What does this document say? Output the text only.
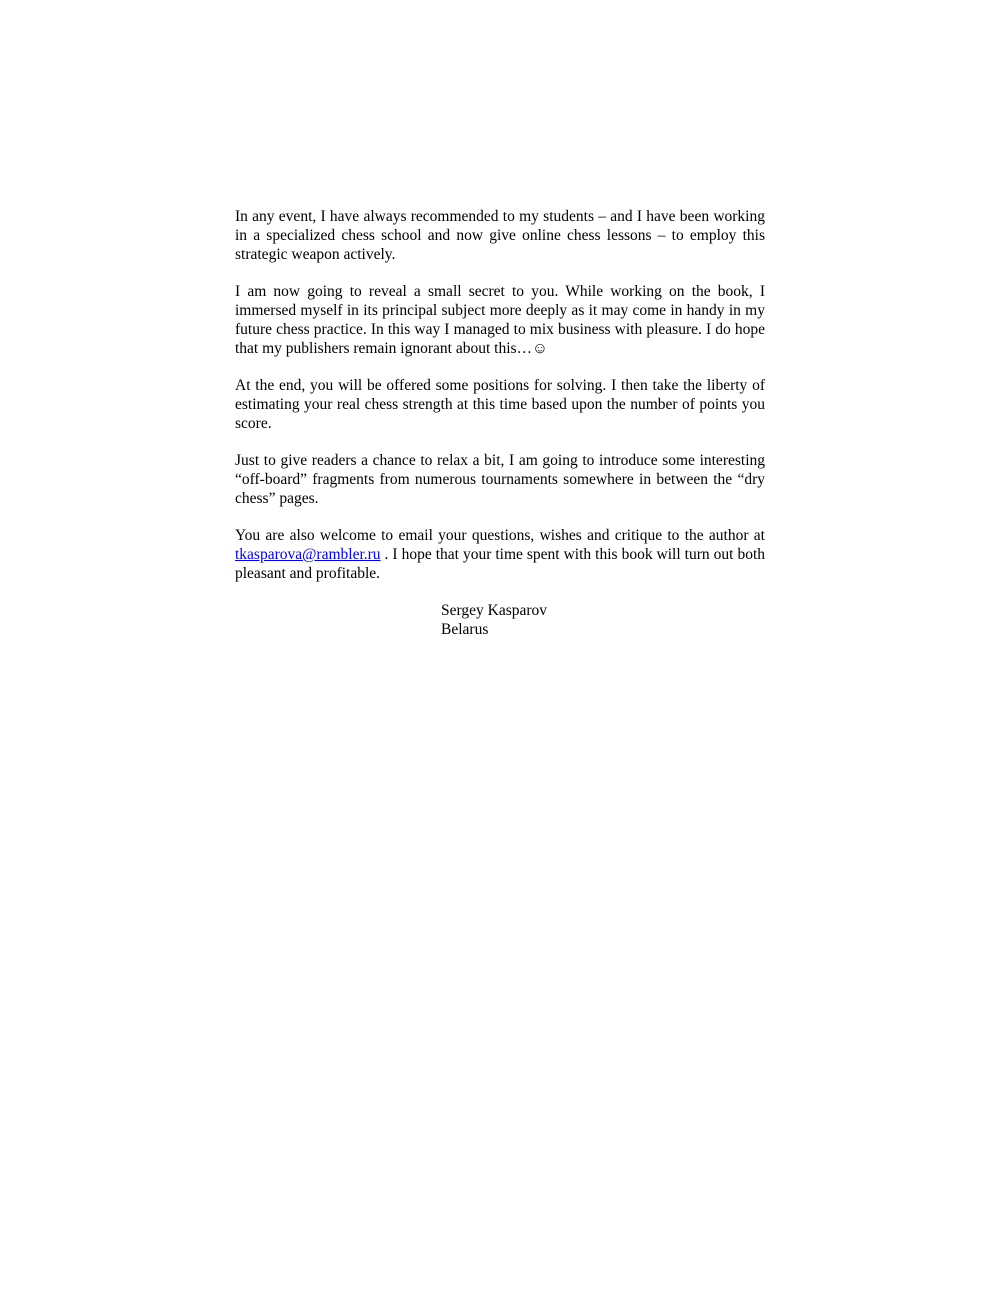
In any event, I have always recommended to my students – and I have been working in a specialized chess school and now give online chess lessons – to employ this strategic weapon actively.

I am now going to reveal a small secret to you. While working on the book, I immersed myself in its principal subject more deeply as it may come in handy in my future chess practice. In this way I managed to mix business with pleasure. I do hope that my publishers remain ignorant about this…☺

At the end, you will be offered some positions for solving. I then take the liberty of estimating your real chess strength at this time based upon the number of points you score.

Just to give readers a chance to relax a bit, I am going to introduce some interesting “off-board” fragments from numerous tournaments somewhere in between the “dry chess” pages.

You are also welcome to email your questions, wishes and critique to the author at tkasparova@rambler.ru . I hope that your time spent with this book will turn out both pleasant and profitable.

Sergey Kasparov
Belarus
